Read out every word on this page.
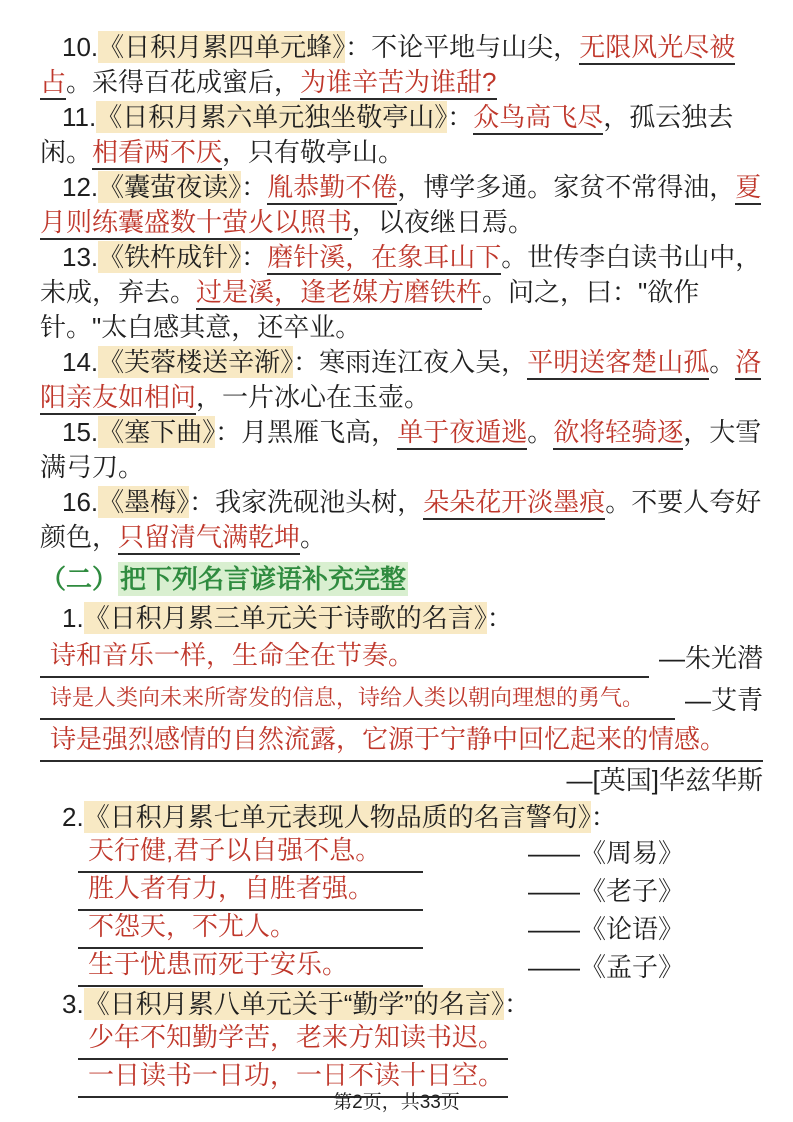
10.《日积月累四单元蜂》：不论平地与山尖，无限风光尽被占。采得百花成蜜后，为谁辛苦为谁甜?

11.《日积月累六单元独坐敬亭山》：众鸟高飞尽，孤云独去闲。相看两不厌，只有敬亭山。

12.《囊萤夜读》：胤恭勤不倦，博学多通。家贫不常得油，夏月则练囊盛数十萤火以照书，以夜继日焉。

13.《铁杵成针》：磨针溪，在象耳山下。世传李白读书山中，未成，弃去。过是溪，逢老媒方磨铁杵。问之，曰："欲作针。"太白感其意，还卒业。

14.《芙蓉楼送辛渐》：寒雨连江夜入吴，平明送客楚山孤。洛阳亲友如相问，一片冰心在玉壶。

15.《塞下曲》：月黑雁飞高，单于夜遁逃。欲将轻骑逐，大雪满弓刀。

16.《墨梅》：我家洗砚池头树，朵朵花开淡墨痕。不要人夸好颜色，只留清气满乾坤。

（二）把下列名言谚语补充完整

1.《日积月累三单元关于诗歌的名言》：

诗和音乐一样，生命全在节奏。	—朱光潜
诗是人类向未来所寄发的信息，诗给人类以朝向理想的勇气。 —艾青
诗是强烈感情的自然流露，它源于宁静中回忆起来的情感。
—[英国]华兹华斯

2.《日积月累七单元表现人物品质的名言警句》：

天行健,君子以自强不息。	——《周易》
胜人者有力，自胜者强。	——《老子》
不怨天，不尤人。	——《论语》
生于忧患而死于安乐。	——《孟子》

3.《日积月累八单元关于“勤学”的名言》：

少年不知勤学苦，老来方知读书迟。
一日读书一日功，一日不读十日空。
第2页，共33页
